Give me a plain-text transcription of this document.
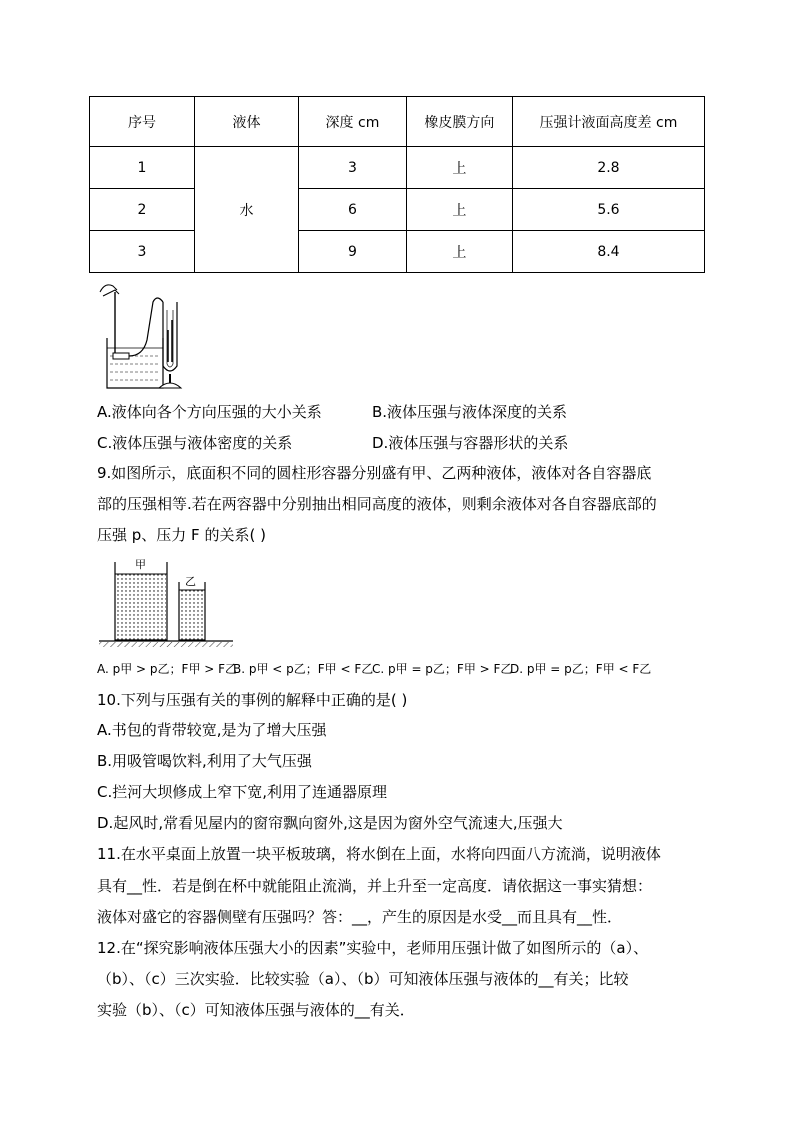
序号	液体	深度 cm	橡皮膜方向	压强计液面高度差 cm
1	水	3	上	2.8
2		6	上	5.6
3		9	上	8.4
A.液体向各个方向压强的大小关系	B.液体压强与液体深度的关系
C.液体压强与液体密度的关系	D.液体压强与容器形状的关系
9.如图所示，底面积不同的圆柱形容器分别盛有甲、乙两种液体，液体对各自容器底
部的压强相等.若在两容器中分别抽出相同高度的液体，则剩余液体对各自容器底部的
压强 p、压力 F 的关系( )
甲
乙
A. p甲 > p乙；F甲 > F乙
B. p甲 < p乙；F甲 < F乙
C. p甲 = p乙；F甲 > F乙
D. p甲 = p乙；F甲 < F乙
10.下列与压强有关的事例的解释中正确的是( )
A.书包的背带较宽,是为了增大压强
B.用吸管喝饮料,利用了大气压强
C.拦河大坝修成上窄下宽,利用了连通器原理
D.起风时,常看见屋内的窗帘飘向窗外,这是因为窗外空气流速大,压强大
11.在水平桌面上放置一块平板玻璃，将水倒在上面，水将向四面八方流淌，说明液体
具有__性．若是倒在杯中就能阻止流淌，并上升至一定高度．请依据这一事实猜想：
液体对盛它的容器侧壁有压强吗？答：__，产生的原因是水受__而且具有__性．
12.在“探究影响液体压强大小的因素”实验中，老师用压强计做了如图所示的（a）、
（b）、（c）三次实验．比较实验（a）、（b）可知液体压强与液体的__有关；比较
实验（b）、（c）可知液体压强与液体的__有关．
